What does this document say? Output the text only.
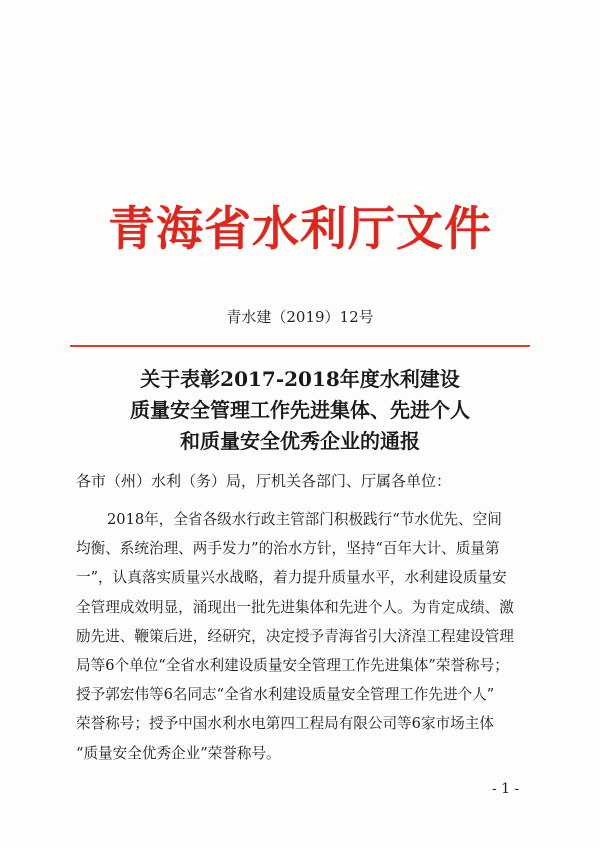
青海省水利厅文件
青水建（2019）12号
关于表彰2017-2018年度水利建设
质量安全管理工作先进集体、先进个人
和质量安全优秀企业的通报
各市（州）水利（务）局，厅机关各部门、厅属各单位：
2018年，全省各级水行政主管部门积极践行“节水优先、空间
均衡、系统治理、两手发力”的治水方针，坚持“百年大计、质量第
一”，认真落实质量兴水战略，着力提升质量水平，水利建设质量安
全管理成效明显，涌现出一批先进集体和先进个人。为肯定成绩、激
励先进、鞭策后进，经研究，决定授予青海省引大济湟工程建设管理
局等6个单位“全省水利建设质量安全管理工作先进集体”荣誉称号；
授予郭宏伟等6名同志“全省水利建设质量安全管理工作先进个人”
荣誉称号；授予中国水利水电第四工程局有限公司等6家市场主体
“质量安全优秀企业”荣誉称号。
- 1 -
